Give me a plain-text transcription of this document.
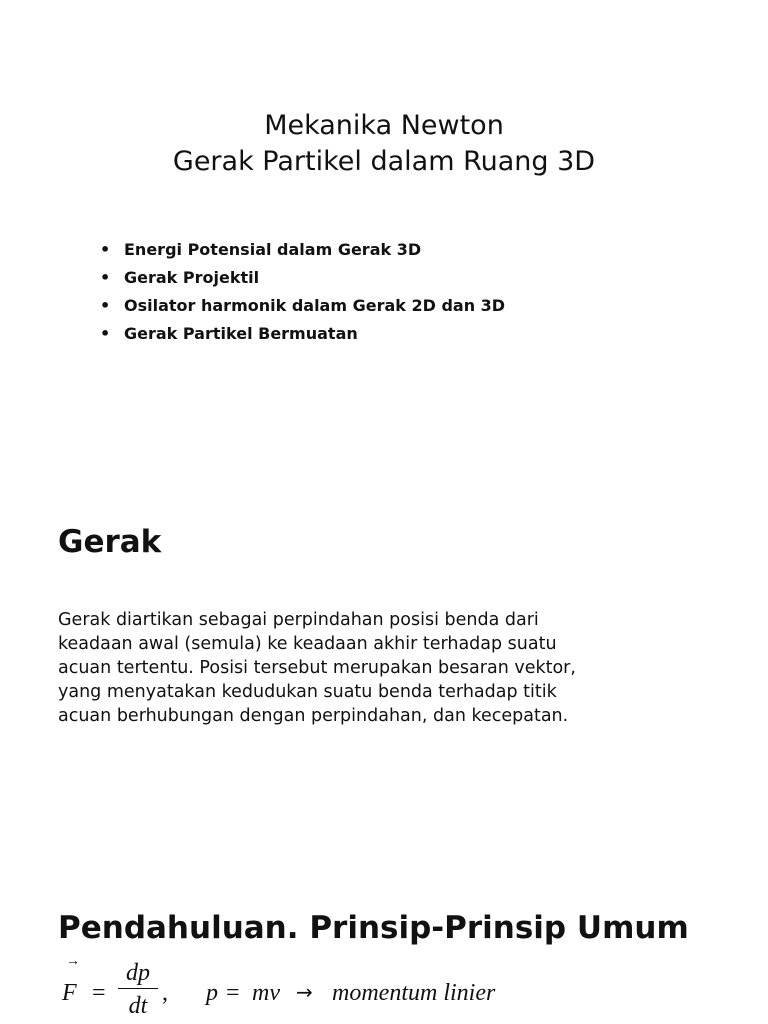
Mekanika Newton
Gerak Partikel dalam Ruang 3D
• Energi Potensial dalam Gerak 3D
• Gerak Projektil
• Osilator harmonik dalam Gerak 2D dan 3D
• Gerak Partikel Bermuatan
Gerak

Gerak diartikan sebagai perpindahan posisi benda dari
keadaan awal (semula) ke keadaan akhir terhadap suatu
acuan tertentu. Posisi tersebut merupakan besaran vektor,
yang menyatakan kedudukan suatu benda terhadap titik
acuan berhubungan dengan perpindahan, dan kecepatan.

Pendahuluan. Prinsip-Prinsip Umum
→
F =
dp
dt , p = mv → momentum linier
